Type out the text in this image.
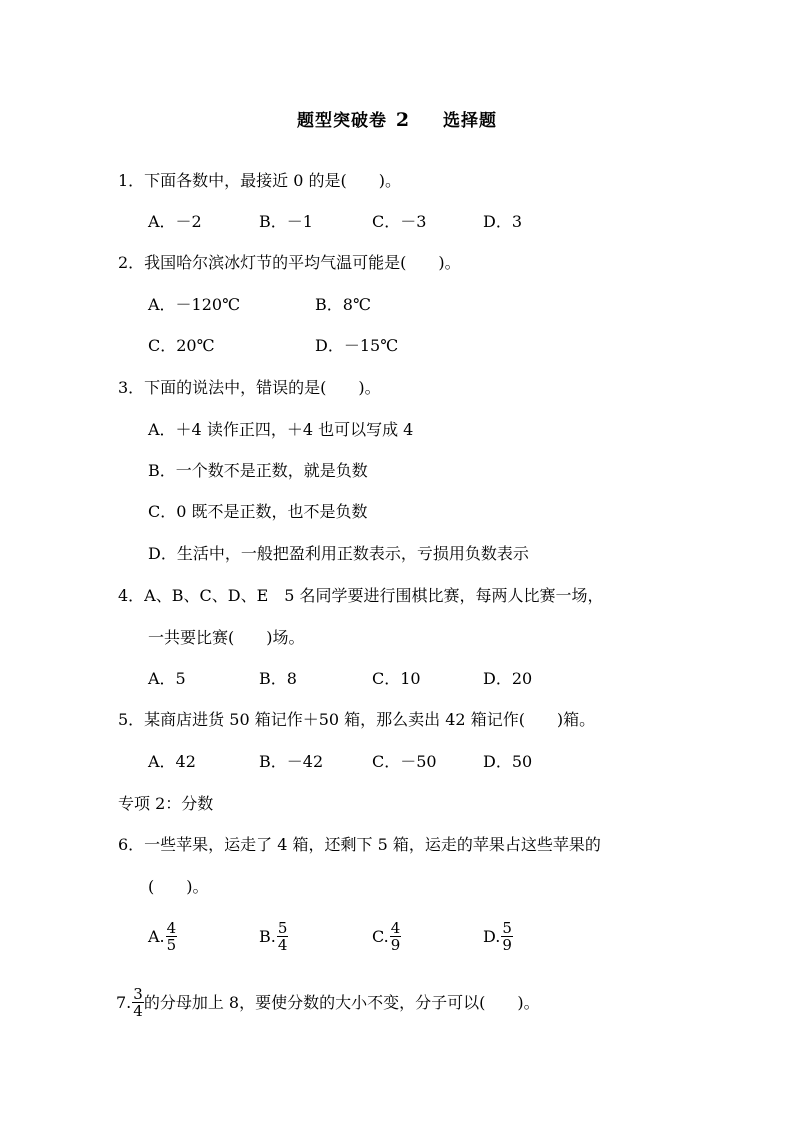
题型突破卷 2 选择题
1．下面各数中，最接近 0 的是(　　)。
A．－2	B．－1	C．－3	D．3
2．我国哈尔滨冰灯节的平均气温可能是(　　)。
A．－120℃	B．8℃
C．20℃	D．－15℃
3．下面的说法中，错误的是(　　)。
A．＋4 读作正四，＋4 也可以写成 4
B．一个数不是正数，就是负数
C．0 既不是正数，也不是负数
D．生活中，一般把盈利用正数表示，亏损用负数表示
4．A、B、C、D、E　5 名同学要进行围棋比赛，每两人比赛一场，
一共要比赛(　　)场。
A．5	B．8	C．10	D．20
5．某商店进货 50 箱记作＋50 箱，那么卖出 42 箱记作(　　)箱。
A．42	B．－42	C．－50	D．50
专项 2：分数
6．一些苹果，运走了 4 箱，还剩下 5 箱，运走的苹果占这些苹果的
(　　)。
A. $\frac{4}{5}$	B. $\frac{5}{4}$	C. $\frac{4}{9}$	D. $\frac{5}{9}$
7. $\frac{3}{4}$ 的分母加上 8，要使分数的大小不变，分子可以(　　)。
